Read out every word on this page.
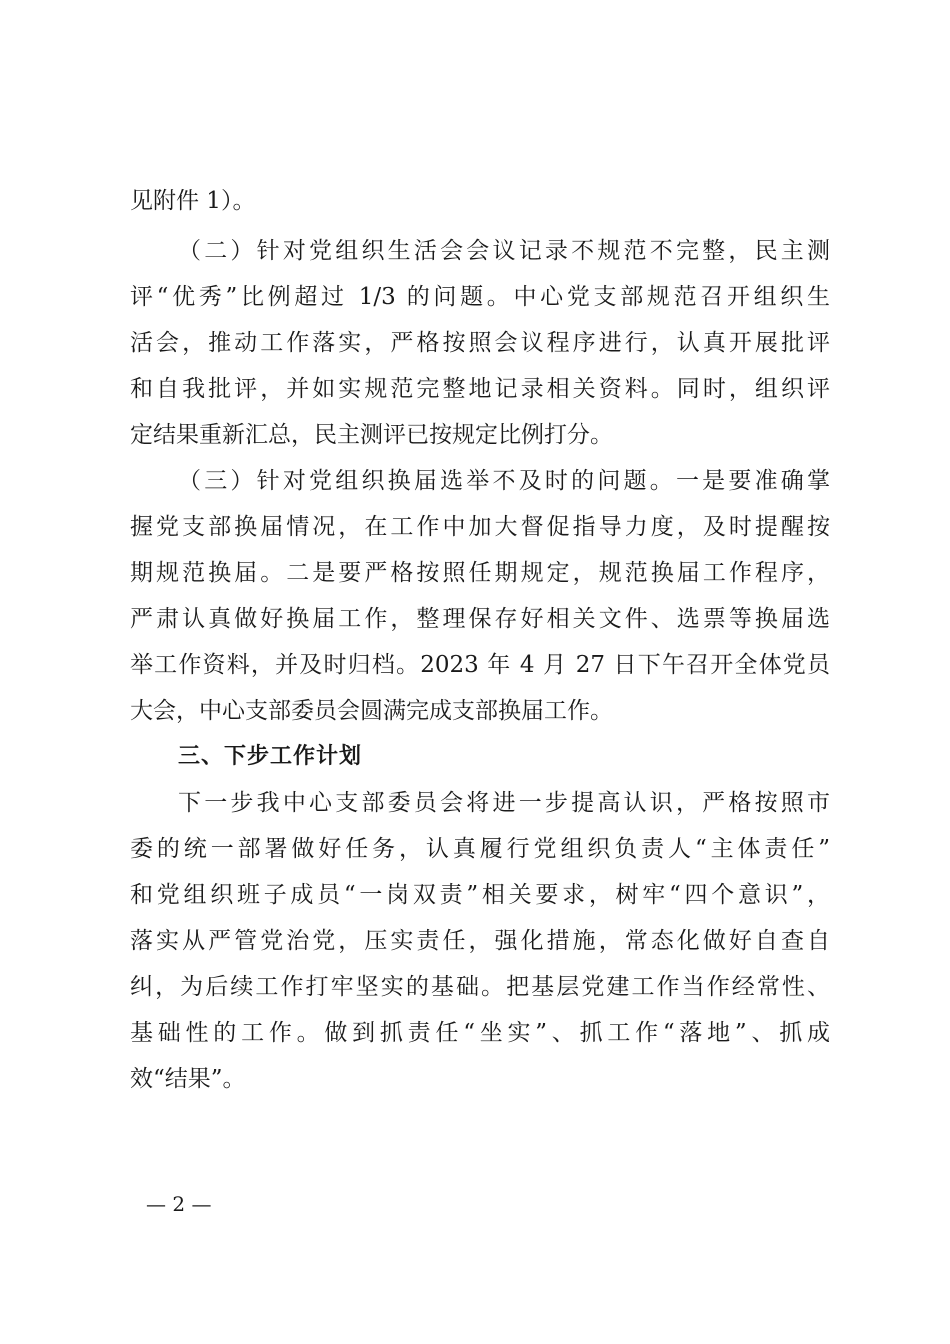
见附件 1）。
（二）针对党组织生活会会议记录不规范不完整，民主测
评“优秀”比例超过 1/3 的问题。中心党支部规范召开组织生
活会，推动工作落实，严格按照会议程序进行，认真开展批评
和自我批评，并如实规范完整地记录相关资料。同时，组织评
定结果重新汇总，民主测评已按规定比例打分。
（三）针对党组织换届选举不及时的问题。一是要准确掌
握党支部换届情况，在工作中加大督促指导力度，及时提醒按
期规范换届。二是要严格按照任期规定，规范换届工作程序，
严肃认真做好换届工作，整理保存好相关文件、选票等换届选
举工作资料，并及时归档。2023 年 4 月 27 日下午召开全体党员
大会，中心支部委员会圆满完成支部换届工作。
三、下步工作计划
下一步我中心支部委员会将进一步提高认识，严格按照市
委的统一部署做好任务，认真履行党组织负责人“主体责任”
和党组织班子成员“一岗双责”相关要求，树牢“四个意识”，
落实从严管党治党，压实责任，强化措施，常态化做好自查自
纠，为后续工作打牢坚实的基础。把基层党建工作当作经常性、
基础性的工作。做到抓责任“坐实”、抓工作“落地”、抓成
效“结果”。
— 2 —
